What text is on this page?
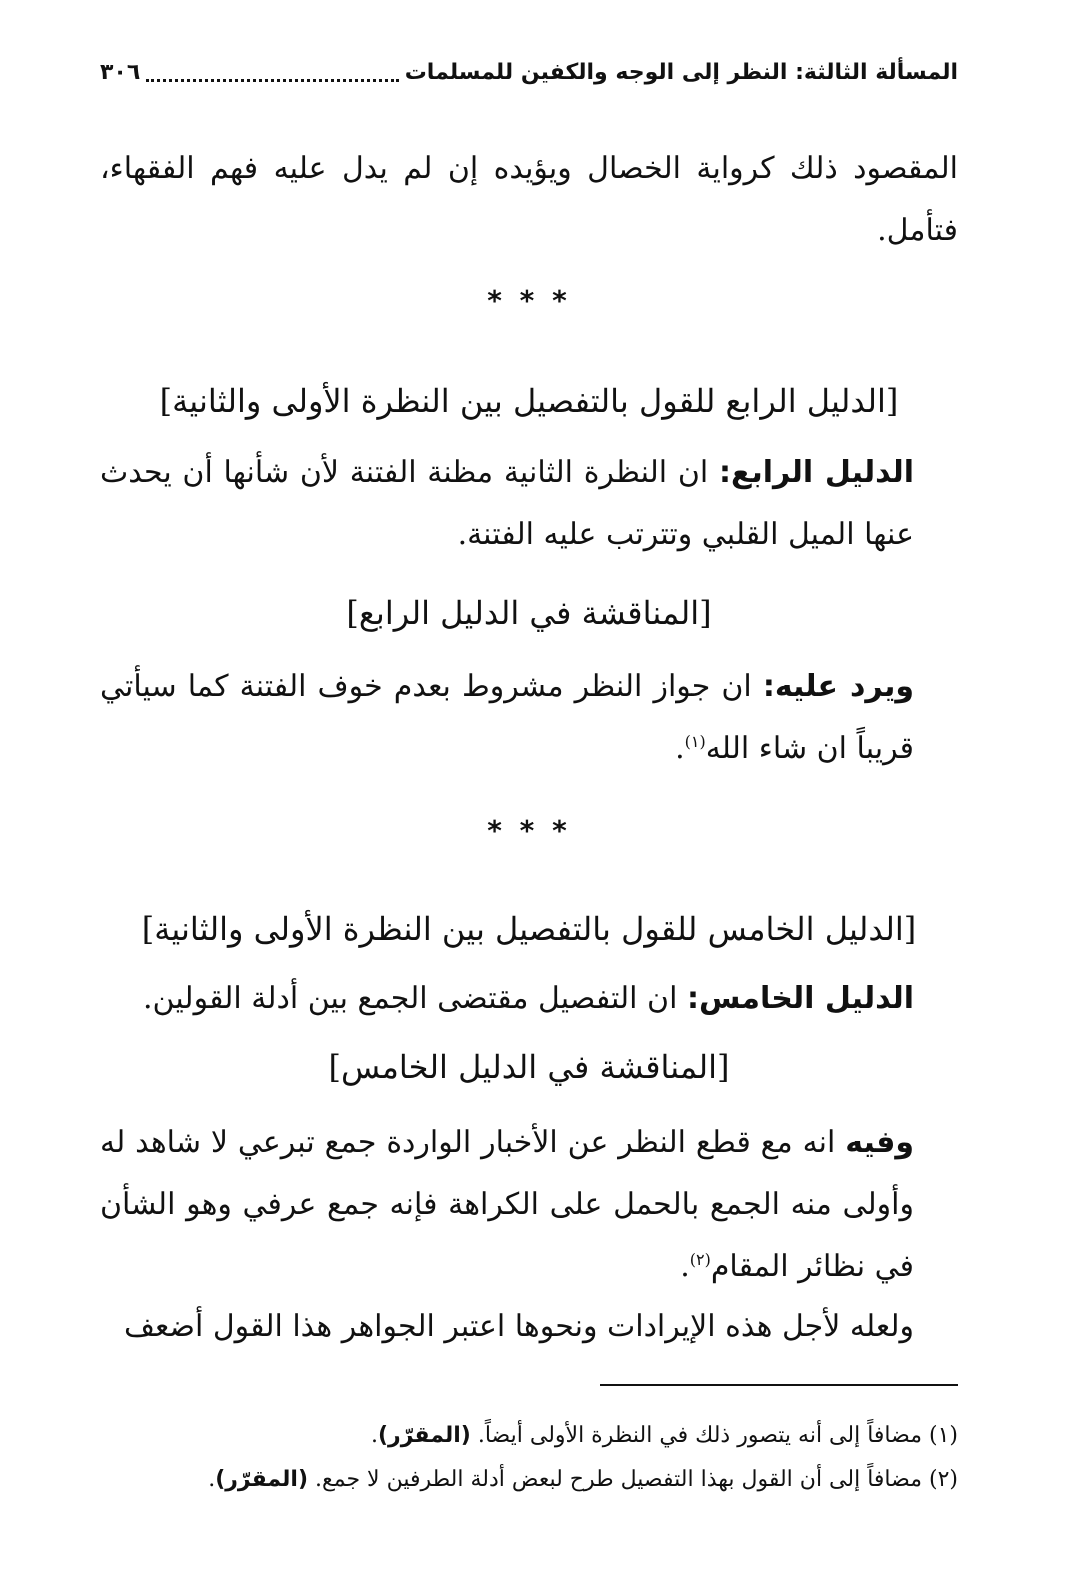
المسألة الثالثة: النظر إلى الوجه والكفين للمسلمات
٣٠٦
المقصود ذلك كرواية الخصال ويؤيده إن لم يدل عليه فهم الفقهاء، فتأمل.
* * *
[الدليل الرابع للقول بالتفصيل بين النظرة الأولى والثانية]
الدليل الرابع: ان النظرة الثانية مظنة الفتنة لأن شأنها أن يحدث عنها الميل القلبي وتترتب عليه الفتنة.
[المناقشة في الدليل الرابع]
ويرد عليه: ان جواز النظر مشروط بعدم خوف الفتنة كما سيأتي قريباً ان شاء الله$^{(١)}$.
* * *
[الدليل الخامس للقول بالتفصيل بين النظرة الأولى والثانية]
الدليل الخامس: ان التفصيل مقتضى الجمع بين أدلة القولين.
[المناقشة في الدليل الخامس]
وفيه انه مع قطع النظر عن الأخبار الواردة جمع تبرعي لا شاهد له وأولى منه الجمع بالحمل على الكراهة فإنه جمع عرفي وهو الشأن في نظائر المقام$^{(٢)}$.
ولعله لأجل هذه الإيرادات ونحوها اعتبر الجواهر هذا القول أضعف
(١) مضافاً إلى أنه يتصور ذلك في النظرة الأولى أيضاً. (المقرّر).
(٢) مضافاً إلى أن القول بهذا التفصيل طرح لبعض أدلة الطرفين لا جمع. (المقرّر).
